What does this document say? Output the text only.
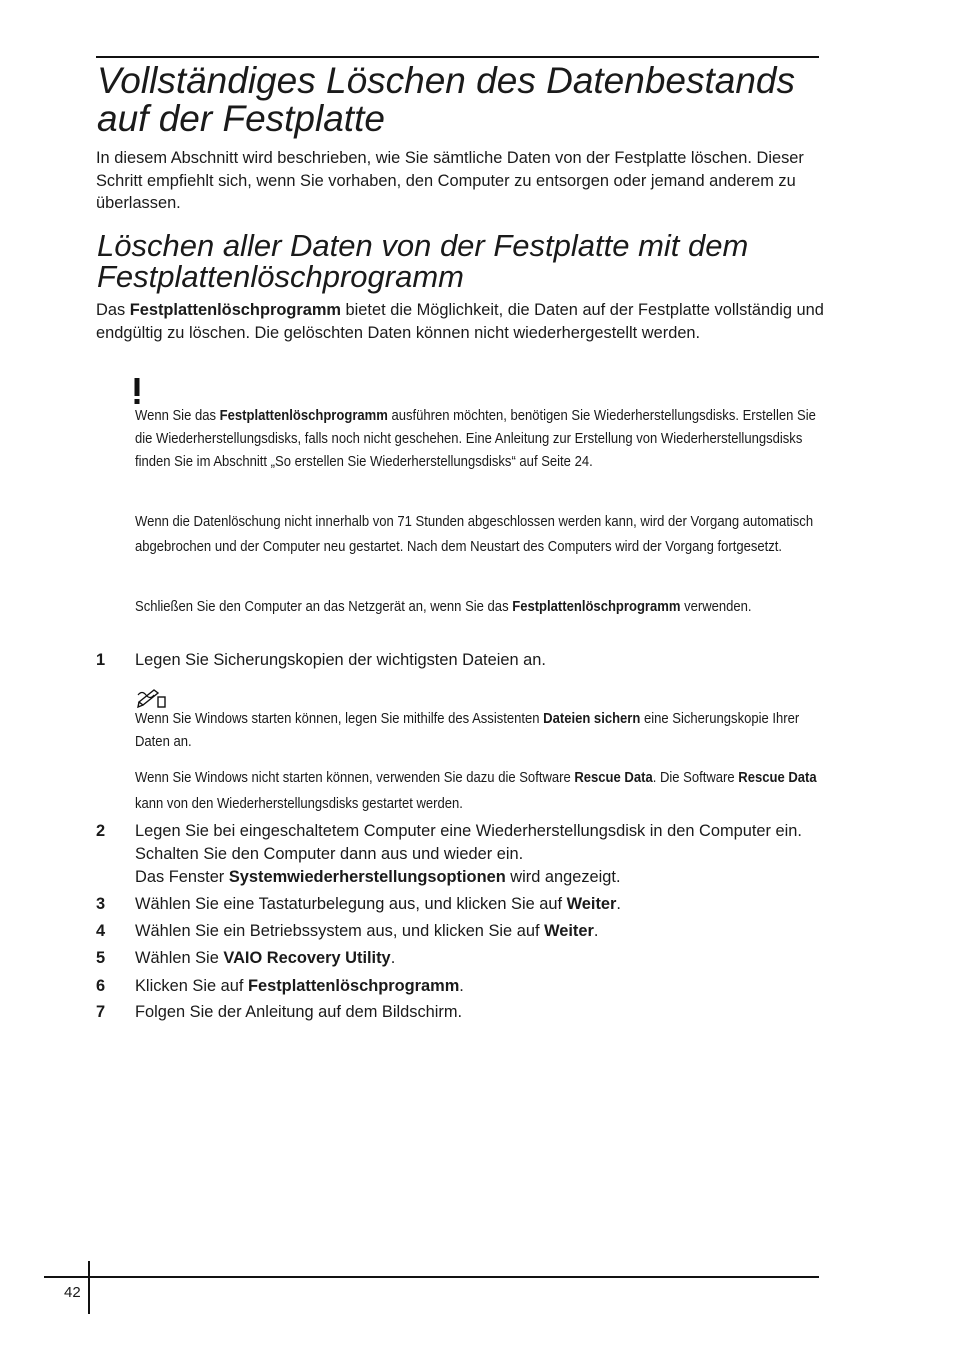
Vollständiges Löschen des Datenbestands auf der Festplatte
In diesem Abschnitt wird beschrieben, wie Sie sämtliche Daten von der Festplatte löschen. Dieser Schritt empfiehlt sich, wenn Sie vorhaben, den Computer zu entsorgen oder jemand anderem zu überlassen.
Löschen aller Daten von der Festplatte mit dem Festplattenlöschprogramm
Das Festplattenlöschprogramm bietet die Möglichkeit, die Daten auf der Festplatte vollständig und endgültig zu löschen. Die gelöschten Daten können nicht wiederhergestellt werden.
Wenn Sie das Festplattenlöschprogramm ausführen möchten, benötigen Sie Wiederherstellungsdisks. Erstellen Sie die Wiederherstellungsdisks, falls noch nicht geschehen. Eine Anleitung zur Erstellung von Wiederherstellungsdisks finden Sie im Abschnitt „So erstellen Sie Wiederherstellungsdisks“ auf Seite 24.
Wenn die Datenlöschung nicht innerhalb von 71 Stunden abgeschlossen werden kann, wird der Vorgang automatisch abgebrochen und der Computer neu gestartet. Nach dem Neustart des Computers wird der Vorgang fortgesetzt.
Schließen Sie den Computer an das Netzgerät an, wenn Sie das Festplattenlöschprogramm verwenden.
1	Legen Sie Sicherungskopien der wichtigsten Dateien an.
Wenn Sie Windows starten können, legen Sie mithilfe des Assistenten Dateien sichern eine Sicherungskopie Ihrer Daten an.
Wenn Sie Windows nicht starten können, verwenden Sie dazu die Software Rescue Data. Die Software Rescue Data kann von den Wiederherstellungsdisks gestartet werden.
2	Legen Sie bei eingeschaltetem Computer eine Wiederherstellungsdisk in den Computer ein. Schalten Sie den Computer dann aus und wieder ein.
Das Fenster Systemwiederherstellungsoptionen wird angezeigt.
3	Wählen Sie eine Tastaturbelegung aus, und klicken Sie auf Weiter.
4	Wählen Sie ein Betriebssystem aus, und klicken Sie auf Weiter.
5	Wählen Sie VAIO Recovery Utility.
6	Klicken Sie auf Festplattenlöschprogramm.
7	Folgen Sie der Anleitung auf dem Bildschirm.
42
